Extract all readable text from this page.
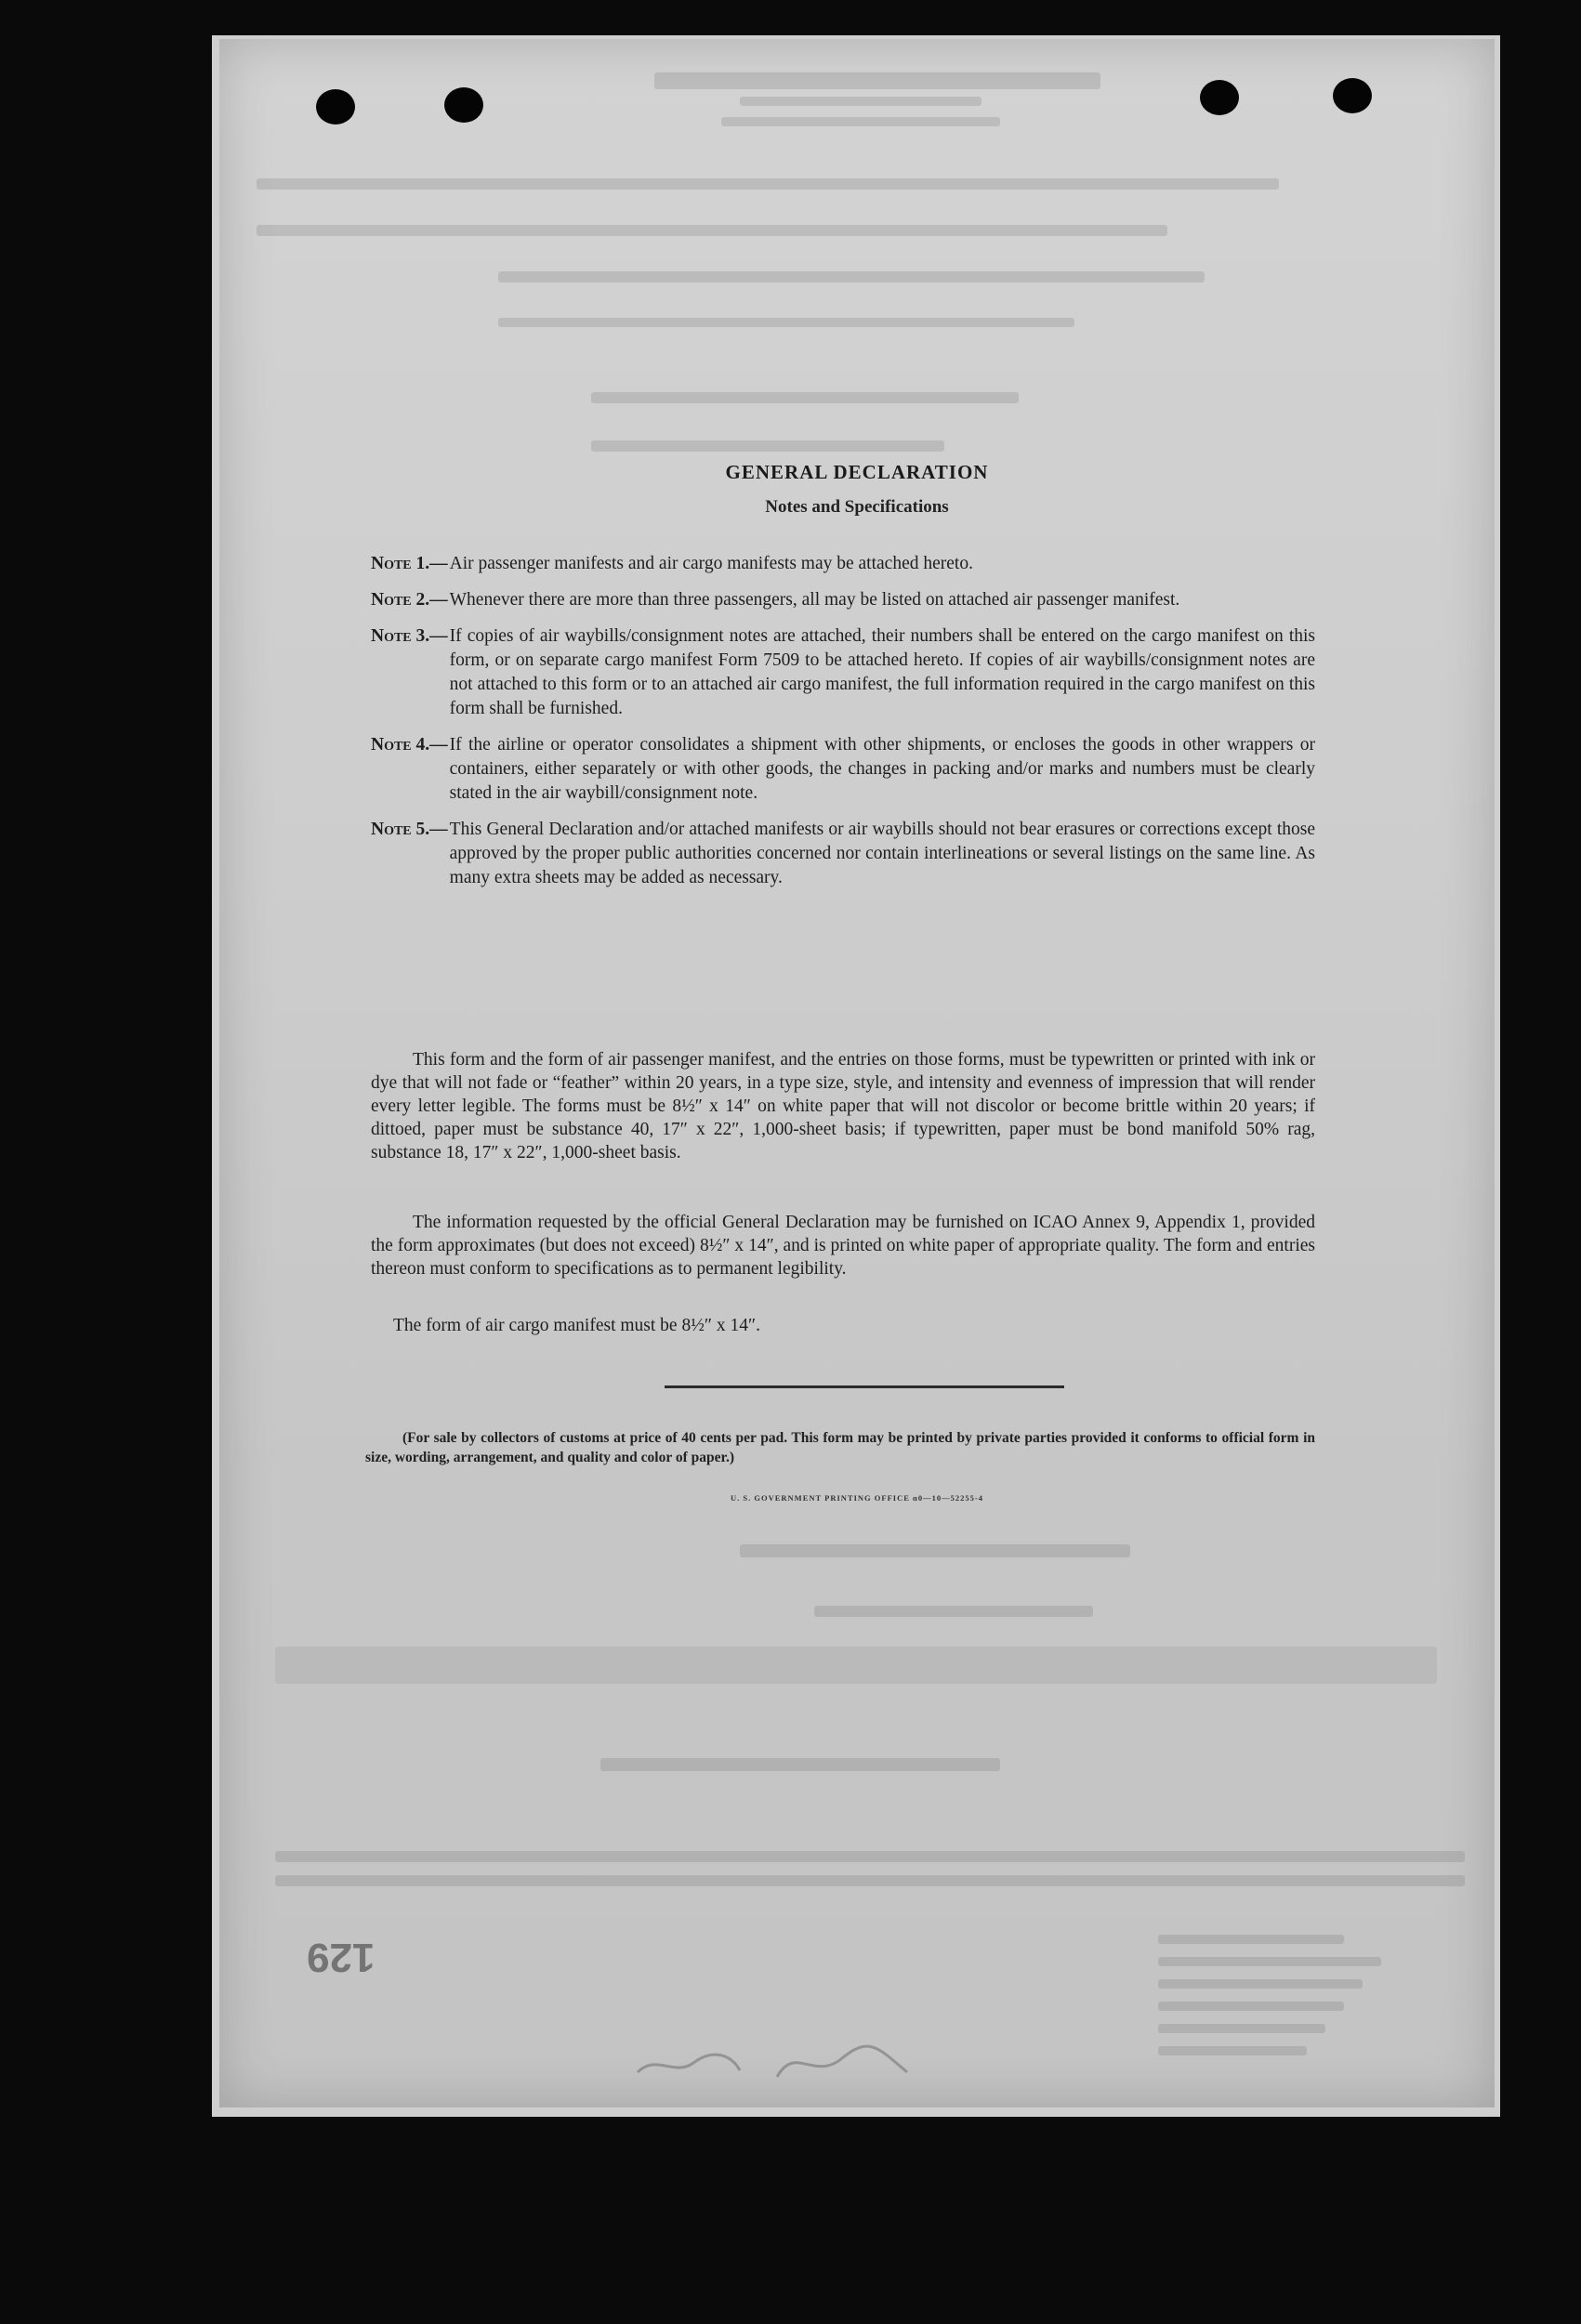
GENERAL DECLARATION
Notes and Specifications
Note 1.— Air passenger manifests and air cargo manifests may be attached hereto.
Note 2.— Whenever there are more than three passengers, all may be listed on attached air passenger manifest.
Note 3.— If copies of air waybills/consignment notes are attached, their numbers shall be entered on the cargo manifest on this form, or on separate cargo manifest Form 7509 to be attached hereto. If copies of air waybills/consignment notes are not attached to this form or to an attached air cargo manifest, the full information required in the cargo manifest on this form shall be furnished.
Note 4.— If the airline or operator consolidates a shipment with other shipments, or encloses the goods in other wrappers or containers, either separately or with other goods, the changes in packing and/or marks and numbers must be clearly stated in the air waybill/consignment note.
Note 5.— This General Declaration and/or attached manifests or air waybills should not bear erasures or corrections except those approved by the proper public authorities concerned nor contain interlineations or several listings on the same line. As many extra sheets may be added as necessary.
This form and the form of air passenger manifest, and the entries on those forms, must be typewritten or printed with ink or dye that will not fade or “feather” within 20 years, in a type size, style, and intensity and evenness of impression that will render every letter legible. The forms must be 8½″ x 14″ on white paper that will not discolor or become brittle within 20 years; if dittoed, paper must be substance 40, 17″ x 22″, 1,000-sheet basis; if typewritten, paper must be bond manifold 50% rag, substance 18, 17″ x 22″, 1,000-sheet basis.
The information requested by the official General Declaration may be furnished on ICAO Annex 9, Appendix 1, provided the form approximates (but does not exceed) 8½″ x 14″, and is printed on white paper of appropriate quality. The form and entries thereon must conform to specifications as to permanent legibility.
The form of air cargo manifest must be 8½″ x 14″.
(For sale by collectors of customs at price of 40 cents per pad. This form may be printed by private parties provided it conforms to official form in size, wording, arrangement, and quality and color of paper.)
U. S. GOVERNMENT PRINTING OFFICE ɑ0—10—52255-4
129
